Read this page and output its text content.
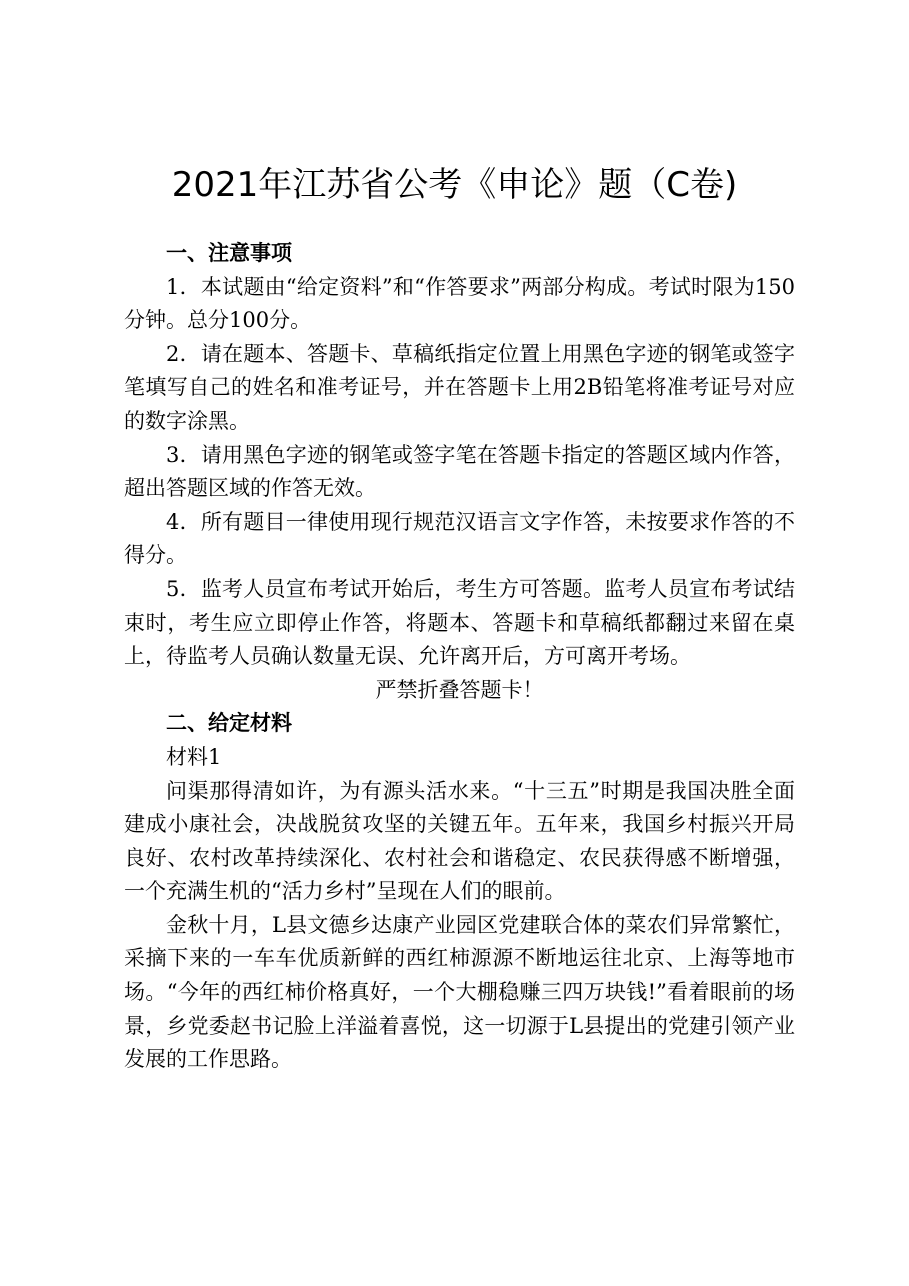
2021年江苏省公考《申论》题（C卷)

一、注意事项

1．本试题由“给定资料”和“作答要求”两部分构成。考试时限为150分钟。总分100分。

2．请在题本、答题卡、草稿纸指定位置上用黑色字迹的钢笔或签字笔填写自己的姓名和准考证号，并在答题卡上用2B铅笔将准考证号对应的数字涂黑。

3．请用黑色字迹的钢笔或签字笔在答题卡指定的答题区域内作答，超出答题区域的作答无效。

4．所有题目一律使用现行规范汉语言文字作答，未按要求作答的不得分。

5．监考人员宣布考试开始后，考生方可答题。监考人员宣布考试结束时，考生应立即停止作答，将题本、答题卡和草稿纸都翻过来留在桌上，待监考人员确认数量无误、允许离开后，方可离开考场。

严禁折叠答题卡！

二、给定材料

材料1

问渠那得清如许，为有源头活水来。“十三五”时期是我国决胜全面建成小康社会，决战脱贫攻坚的关键五年。五年来，我国乡村振兴开局良好、农村改革持续深化、农村社会和谐稳定、农民获得感不断增强，一个充满生机的“活力乡村”呈现在人们的眼前。

金秋十月，L县文德乡达康产业园区党建联合体的菜农们异常繁忙，采摘下来的一车车优质新鲜的西红柿源源不断地运往北京、上海等地市场。“今年的西红柿价格真好，一个大棚稳赚三四万块钱!”看着眼前的场景，乡党委赵书记脸上洋溢着喜悦，这一切源于L县提出的党建引领产业发展的工作思路。
